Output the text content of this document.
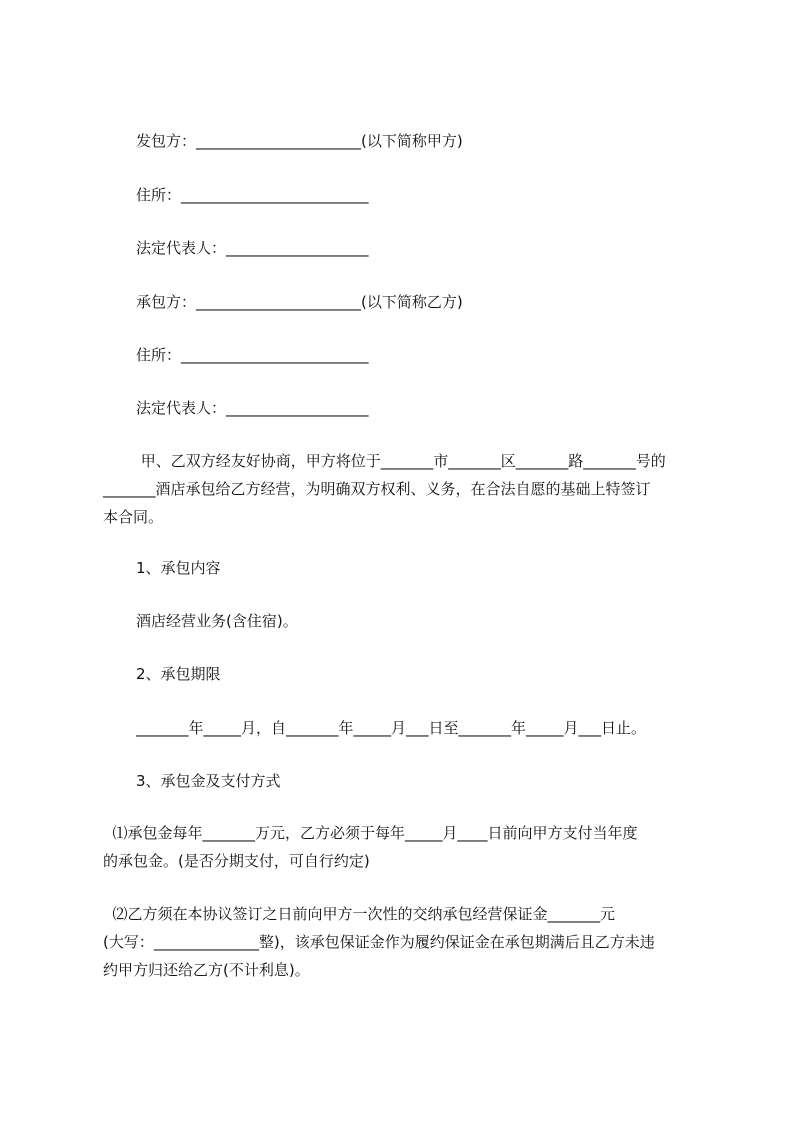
发包方：______________________(以下简称甲方)
住所：_________________________
法定代表人：___________________
承包方：______________________(以下简称乙方)
住所：_________________________
法定代表人：___________________
甲、乙双方经友好协商，甲方将位于_______市_______区_______路_______号的
_______酒店承包给乙方经营，为明确双方权利、义务，在合法自愿的基础上特签订
本合同。
1、承包内容
酒店经营业务(含住宿)。
2、承包期限
_______年_____月，自_______年_____月___日至_______年_____月___日止。
3、承包金及支付方式
⑴承包金每年_______万元，乙方必须于每年_____月____日前向甲方支付当年度
的承包金。(是否分期支付，可自行约定)
⑵乙方须在本协议签订之日前向甲方一次性的交纳承包经营保证金_______元
(大写：______________整)，该承包保证金作为履约保证金在承包期满后且乙方未违
约甲方归还给乙方(不计利息)。
